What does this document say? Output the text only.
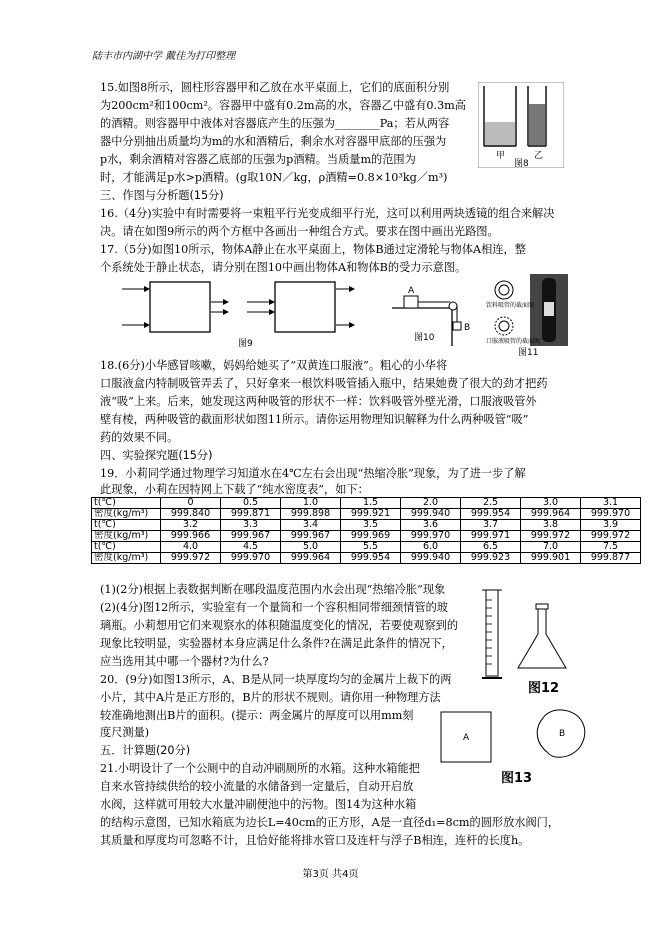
陆丰市内湖中学 戴佳为打印整理
15.如图8所示，圆柱形容器甲和乙放在水平桌面上，它们的底面积分别
为200cm²和100cm²。容器甲中盛有0.2m高的水，容器乙中盛有0.3m高
的酒精。则容器甲中液体对容器底产生的压强为________Pa；若从两容
器中分别抽出质量均为m的水和酒精后，剩余水对容器甲底部的压强为
p水，剩余酒精对容器乙底部的压强为p酒精。当质量m的范围为
时，才能满足p水>p酒精。(g取10N／kg，ρ酒精=0.8×10³kg／m³)
三、作图与分析题(15分)
16.（4分)实验中有时需要将一束粗平行光变成细平行光，这可以利用两块透镜的组合来解决
决。请在如图9所示的两个方框中各画出一种组合方式。要求在图中画出光路图。
17.（5分)如图10所示，物体A静止在水平桌面上，物体B通过定滑轮与物体A相连，整
个系统处于静止状态，请分别在图10中画出物体A和物体B的受力示意图。
18.(6分)小华感冒咳嗽，妈妈给她买了“双黄连口服液”。粗心的小华将
口服液盒内特制吸管弄丢了，只好拿来一根饮料吸管插入瓶中，结果她费了很大的劲才把药
液“吸”上来。后来，她发现这两种吸管的形状不一样：饮料吸管外壁光滑，口服液吸管外
壁有棱，两种吸管的截面形状如图11所示。请你运用物理知识解释为什么两种吸管“吸”
药的效果不同。
四、实验探究题(15分)
19．小莉同学通过物理学习知道水在4℃左右会出现“热缩冷胀”现象，为了进一步了解
此现象，小莉在因特网上下载了“纯水密度表”，如下：
t(℃)	0	0.5	1.0	1.5	2.0	2.5	3.0	3.1
密度(kg/m³)	999.840	999.871	999.898	999.921	999.940	999.954	999.964	999.970
t(℃)	3.2	3.3	3.4	3.5	3.6	3.7	3.8	3.9
密度(kg/m³)	999.966	999.967	999.967	999.969	999.970	999.971	999.972	999.972
t(℃)	4.0	4.5	5.0	5.5	6.0	6.5	7.0	7.5
密度(kg/m³)	999.972	999.970	999.964	999.954	999.940	999.923	999.901	999.877
(1)(2分)根据上表数据判断在哪段温度范围内水会出现“热缩冷胀”现象
(2)(4分)图12所示，实验室有一个量筒和一个容积相同带细颈情管的玻
璃瓶。小莉想用它们来观察水的体积随温度变化的情况，若要使观察到的
现象比较明显，实验器材本身应满足什么条件?在满足此条件的情况下，
应当选用其中哪一个器材?为什么?
20．(9分)如图13所示，A、B是从同一块厚度均匀的金属片上裁下的两
小片，其中A片是正方形的，B片的形状不规则。请你用一种物理方法
较准确地测出B片的面积。(提示：两金属片的厚度可以用mm刻
度尺测量)
五．计算题(20分)
21.小明设计了一个公厕中的自动冲刷厕所的水箱。这种水箱能把
自来水管持续供给的较小流量的水储备到一定量后，自动开启放
水阀，这样就可用较大水量冲刷便池中的污物。图14为这种水箱
的结构示意图，已知水箱底为边长L=40cm的正方形，A是一直径d₁=8cm的圆形放水阀门，
其质量和厚度均可忽略不计，且恰好能将排水管口及连杆与浮子B相连，连杆的长度h。
甲	乙
图8
图9
A
B
图10
饮料吸管的截面图
口服液吸管的截面图
图11
图12
A	B
图13
第3页 共4页
